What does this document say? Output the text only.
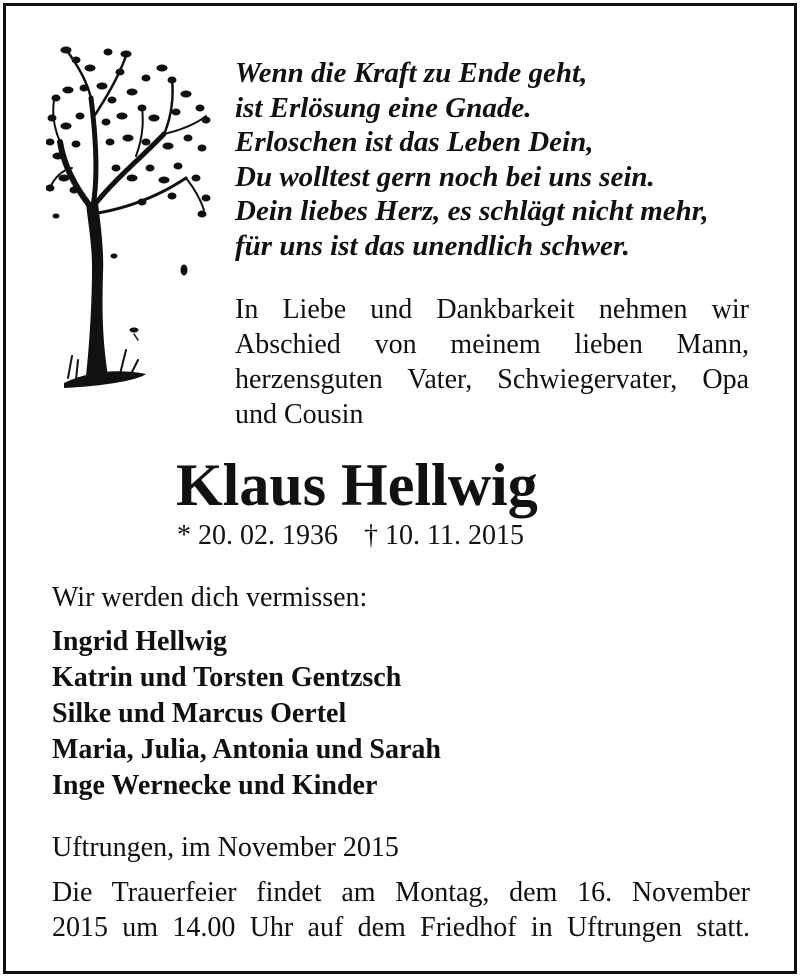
Wenn die Kraft zu Ende geht,
ist Erlösung eine Gnade.
Erloschen ist das Leben Dein,
Du wolltest gern noch bei uns sein.
Dein liebes Herz, es schlägt nicht mehr,
für uns ist das unendlich schwer.
In Liebe und Dankbarkeit nehmen wir
Abschied von meinem lieben Mann,
herzensguten Vater, Schwiegervater, Opa
und Cousin
Klaus Hellwig
* 20. 02. 1936 † 10. 11. 2015
Wir werden dich vermissen:
Ingrid Hellwig
Katrin und Torsten Gentzsch
Silke und Marcus Oertel
Maria, Julia, Antonia und Sarah
Inge Wernecke und Kinder
Uftrungen, im November 2015
Die Trauerfeier findet am Montag, dem 16. November
2015 um 14.00 Uhr auf dem Friedhof in Uftrungen statt.
